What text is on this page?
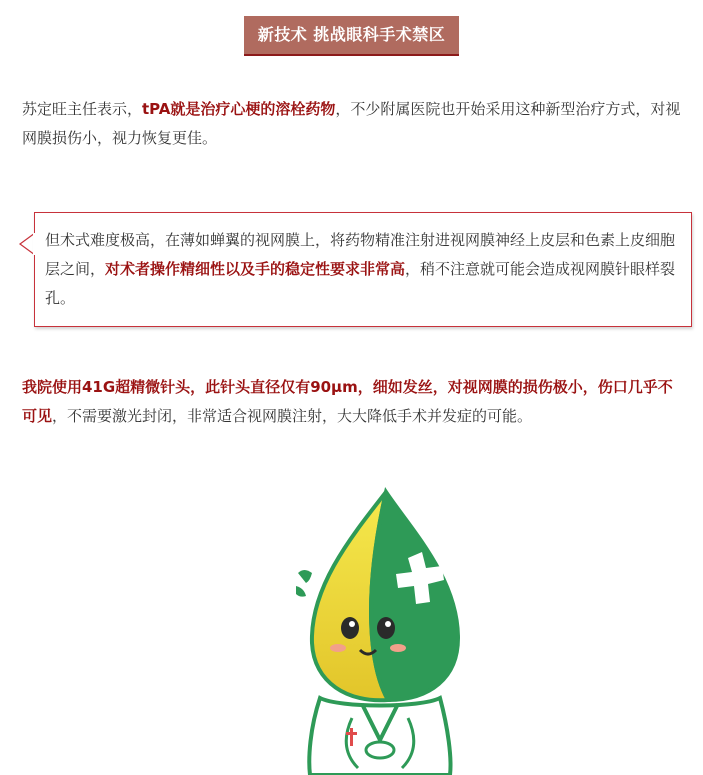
新技术 挑战眼科手术禁区
苏定旺主任表示，tPA就是治疗心梗的溶栓药物，不少附属医院也开始采用这种新型治疗方式，对视网膜损伤小，视力恢复更佳。
但术式难度极高，在薄如蝉翼的视网膜上，将药物精准注射进视网膜神经上皮层和色素上皮细胞层之间，对术者操作精细性以及手的稳定性要求非常高，稍不注意就可能会造成视网膜针眼样裂孔。
我院使用41G超精微针头，此针头直径仅有90μm，细如发丝，对视网膜的损伤极小，伤口几乎不可见，不需要激光封闭，非常适合视网膜注射，大大降低手术并发症的可能。
